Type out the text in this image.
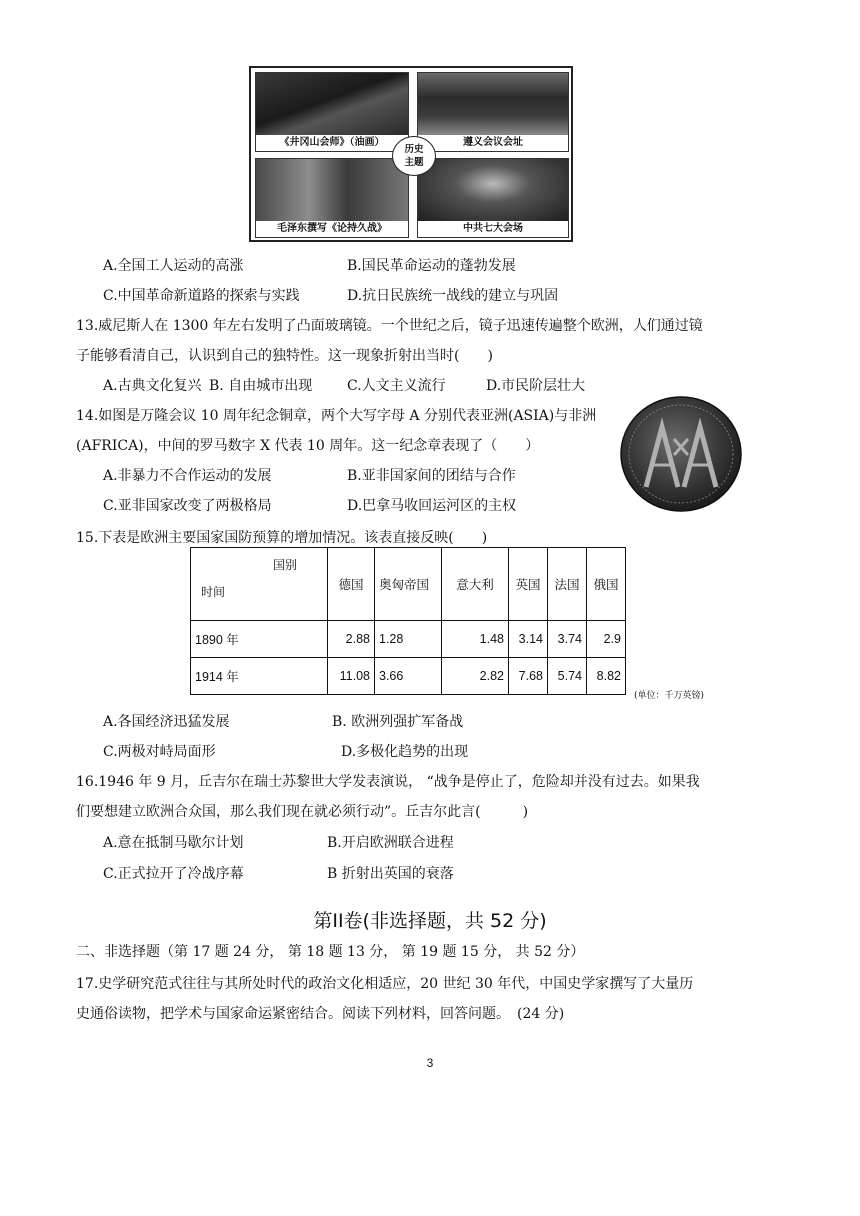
《井冈山会师》（油画）	遵义会议会址
毛泽东撰写《论持久战》	中共七大会场
历史
主题
A.全国工人运动的高涨	B.国民革命运动的蓬勃发展
C.中国革命新道路的探索与实践	D.抗日民族统一战线的建立与巩固
13.威尼斯人在 1300 年左右发明了凸面玻璃镜。一个世纪之后，镜子迅速传遍整个欧洲，人们通过镜
子能够看清自己，认识到自己的独特性。这一现象折射出当时(　　)
A.古典文化复兴 B. 自由城市出现 C.人文主义流行	D.市民阶层壮大
14.如图是万隆会议 10 周年纪念铜章，两个大写字母 A 分别代表亚洲(ASIA)与非洲
(AFRICA)，中间的罗马数字 X 代表 10 周年。这一纪念章表现了（　　）
A.非暴力不合作运动的发展	B.亚非国家间的团结与合作
C.亚非国家改变了两极格局	D.巴拿马收回运河区的主权
15.下表是欧洲主要国家国防预算的增加情况。该表直接反映(　　)
国别
时间	德国	奥匈帝国	意大利	英国	法国	俄国

1890 年	2.88	1.28	1.48	3.14	3.74	2.9
1914 年	11.08	3.66	2.82	7.68	5.74	8.82
(单位：千万英镑)
A.各国经济迅猛发展	B. 欧洲列强扩军备战
C.两极对峙局面形	D.多极化趋势的出现
16.1946 年 9 月，丘吉尔在瑞士苏黎世大学发表演说， “战争是停止了，危险却并没有过去。如果我
们要想建立欧洲合众国，那么我们现在就必须行动”。丘吉尔此言(　　　)
A.意在抵制马歇尔计划	B.开启欧洲联合进程
C.正式拉开了冷战序幕	B 折射出英国的衰落
第II卷(非选择题，共 52 分)
二、非选择题（第 17 题 24 分， 第 18 题 13 分， 第 19 题 15 分， 共 52 分）
17.史学研究范式往往与其所处时代的政治文化相适应，20 世纪 30 年代，中国史学家撰写了大量历
史通俗读物，把学术与国家命运紧密结合。阅读下列材料，回答问题。　(24 分)
3
